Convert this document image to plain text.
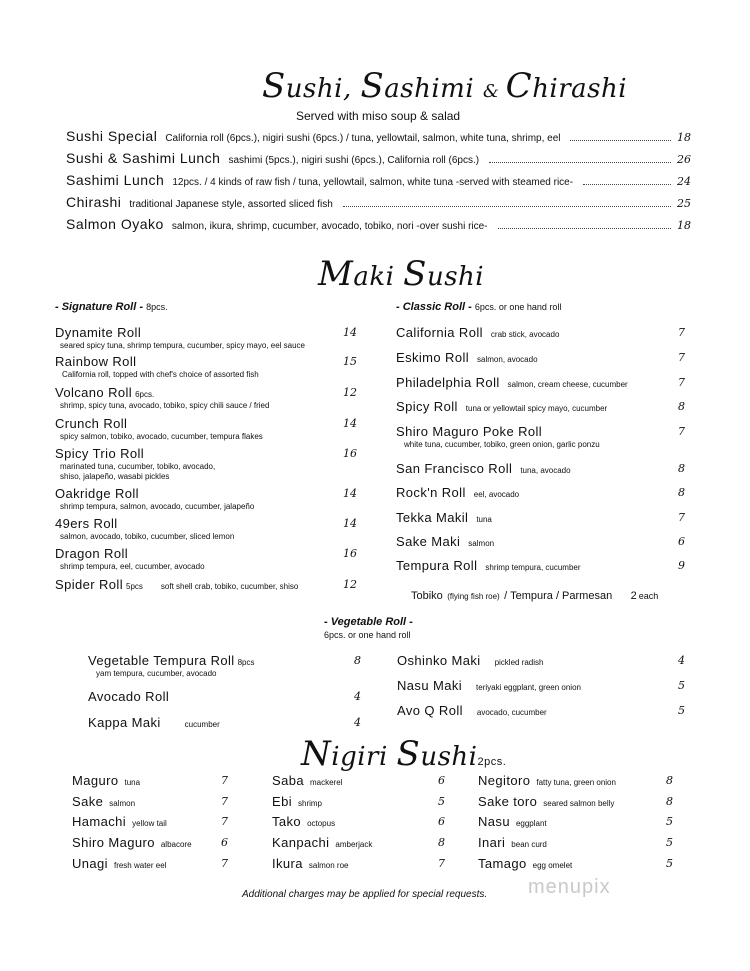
Sushi, Sashimi & Chirashi
Served with miso soup & salad
Sushi Special California roll (6pcs.), nigiri sushi (6pcs.) / tuna, yellowtail, salmon, white tuna, shrimp, eel	18
Sushi & Sashimi Lunch sashimi (5pcs.), nigiri sushi (6pcs.), California roll (6pcs.)	26
Sashimi Lunch 12pcs. / 4 kinds of raw fish / tuna, yellowtail, salmon, white tuna -served with steamed rice-	24
Chirashi traditional Japanese style, assorted sliced fish	25
Salmon Oyako salmon, ikura, shrimp, cucumber, avocado, tobiko, nori -over sushi rice-	18
Maki Sushi
- Signature Roll - 8pcs.	- Classic Roll - 6pcs. or one hand roll
Dynamite Roll
seared spicy tuna, shrimp tempura, cucumber, spicy mayo, eel sauce
14
Rainbow Roll
California roll, topped with chef's choice of assorted fish
15
Volcano Roll 6pcs.
shrimp, spicy tuna, avocado, tobiko, spicy chili sauce / fried
12
Crunch Roll
spicy salmon, tobiko, avocado, cucumber, tempura flakes
14
Spicy Trio Roll
marinated tuna, cucumber, tobiko, avocado,
shiso, jalapeño, wasabi pickles
16
Oakridge Roll
shrimp tempura, salmon, avocado, cucumber, jalapeño
14
49ers Roll
salmon, avocado, tobiko, cucumber, sliced lemon
14
Dragon Roll
shrimp tempura, eel, cucumber, avocado
16
Spider Roll 5pcs soft shell crab, tobiko, cucumber, shiso	12
California Roll crab stick, avocado	7
Eskimo Roll salmon, avocado	7
Philadelphia Roll salmon, cream cheese, cucumber	7
Spicy Roll tuna or yellowtail spicy mayo, cucumber	8
Shiro Maguro Poke Roll
white tuna, cucumber, tobiko, green onion, garlic ponzu
7
San Francisco Roll tuna, avocado	8
Rock'n Roll eel, avocado	8
Tekka Makil tuna	7
Sake Maki salmon	6
Tempura Roll shrimp tempura, cucumber	9
Tobiko (flying fish roe) / Tempura / Parmesan 2 each
- Vegetable Roll -
6pcs. or one hand roll
Vegetable Tempura Roll 8pcs
yam tempura, cucumber, avocado
8
Avocado Roll	4
Kappa Maki	cucumber	4
Oshinko Maki pickled radish	4
Nasu Maki teriyaki eggplant, green onion	5
Avo Q Roll avocado, cucumber	5
Nigiri Sushi2pcs.
Maguro tuna	7
Sake salmon	7
Hamachi yellow tail	7
Shiro Maguro albacore	6
Unagi fresh water eel	7
Saba mackerel	6
Ebi shrimp	5
Tako octopus	6
Kanpachi amberjack	8
Ikura salmon roe	7
Negitoro fatty tuna, green onion	8
Sake toro seared salmon belly	8
Nasu eggplant	5
Inari bean curd	5
Tamago egg omelet	5
Additional charges may be applied for special requests. menupix
